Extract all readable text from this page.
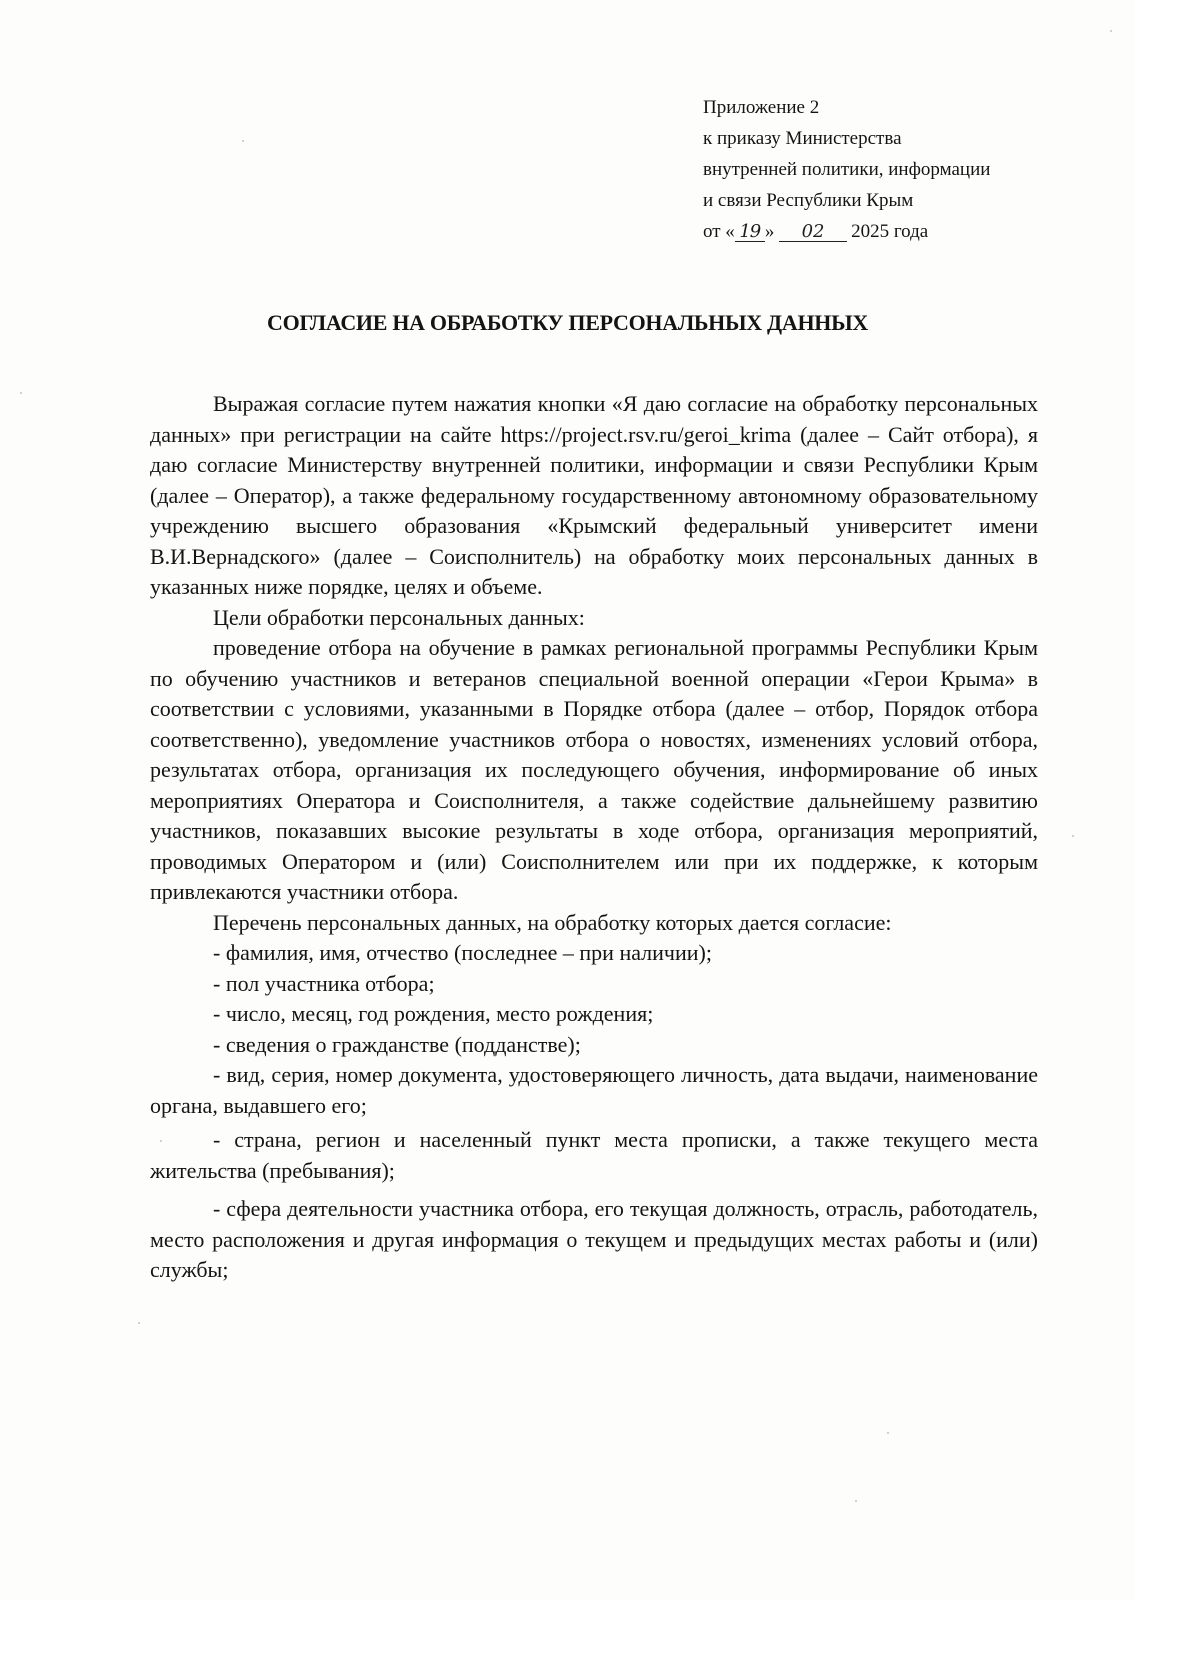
Приложение 2
к приказу Министерства
внутренней политики, информации
и связи Республики Крым
от « 19 » 02 2025 года
СОГЛАСИЕ НА ОБРАБОТКУ ПЕРСОНАЛЬНЫХ ДАННЫХ

Выражая согласие путем нажатия кнопки «Я даю согласие на обработку персональных данных» при регистрации на сайте https://project.rsv.ru/geroi_krima (далее – Сайт отбора), я даю согласие Министерству внутренней политики, информации и связи Республики Крым (далее – Оператор), а также федеральному государственному автономному образовательному учреждению высшего образования «Крымский федеральный университет имени В.И.Вернадского» (далее – Соисполнитель) на обработку моих персональных данных в указанных ниже порядке, целях и объеме.

Цели обработки персональных данных:

проведение отбора на обучение в рамках региональной программы Республики Крым по обучению участников и ветеранов специальной военной операции «Герои Крыма» в соответствии с условиями, указанными в Порядке отбора (далее – отбор, Порядок отбора соответственно), уведомление участников отбора о новостях, изменениях условий отбора, результатах отбора, организация их последующего обучения, информирование об иных мероприятиях Оператора и Соисполнителя, а также содействие дальнейшему развитию участников, показавших высокие результаты в ходе отбора, организация мероприятий, проводимых Оператором и (или) Соисполнителем или при их поддержке, к которым привлекаются участники отбора.

Перечень персональных данных, на обработку которых дается согласие:

- фамилия, имя, отчество (последнее – при наличии);

- пол участника отбора;

- число, месяц, год рождения, место рождения;

- сведения о гражданстве (подданстве);

- вид, серия, номер документа, удостоверяющего личность, дата выдачи, наименование органа, выдавшего его;

- страна, регион и населенный пункт места прописки, а также текущего места жительства (пребывания);

- сфера деятельности участника отбора, его текущая должность, отрасль, работодатель, место расположения и другая информация о текущем и предыдущих местах работы и (или) службы;
